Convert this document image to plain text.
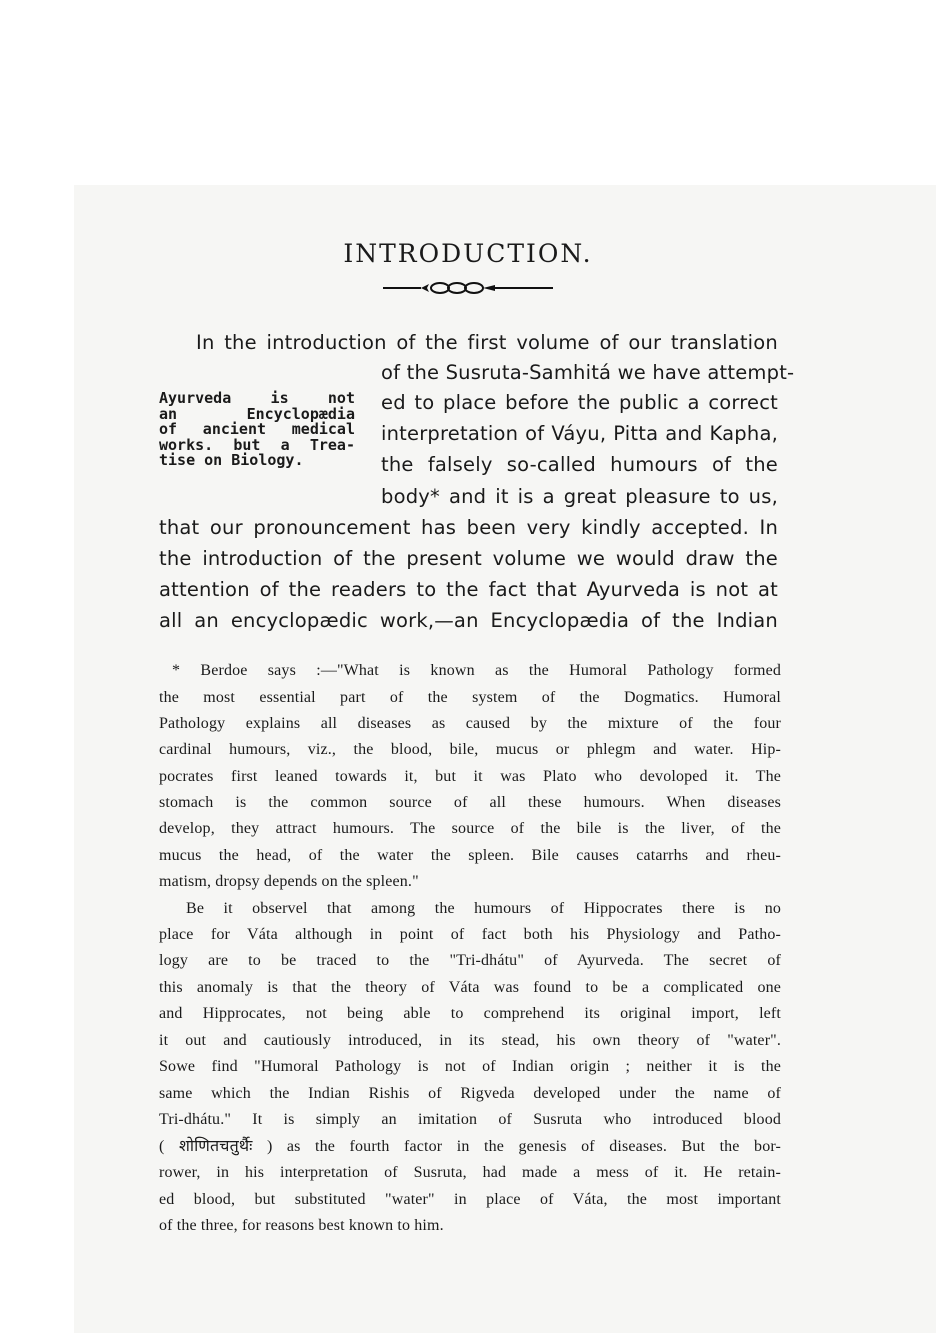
INTRODUCTION.
In the introduction of the first volume of our translation
of the Susruta-Samhitá we have attempt-
ed to place before the public a correct
interpretation of Váyu, Pitta and Kapha,
the falsely so-called humours of the
body* and it is a great pleasure to us,
that our pronouncement has been very kindly accepted. In
the introduction of the present volume we would draw the
attention of the readers to the fact that Ayurveda is not at
all an encyclopædic work,—an Encyclopædia of the Indian
Ayurveda is not
an Encyclopædia
of ancient medical
works. but a Trea-
tise on Biology.
* Berdoe says :—"What is known as the Humoral Pathology formed
the most essential part of the system of the Dogmatics. Humoral
Pathology explains all diseases as caused by the mixture of the four
cardinal humours, viz., the blood, bile, mucus or phlegm and water. Hip-
pocrates first leaned towards it, but it was Plato who devoloped it. The
stomach is the common source of all these humours. When diseases
develop, they attract humours. The source of the bile is the liver, of the
mucus the head, of the water the spleen. Bile causes catarrhs and rheu-
matism, dropsy depends on the spleen."
Be it observel that among the humours of Hippocrates there is no
place for Váta although in point of fact both his Physiology and Patho-
logy are to be traced to the "Tri-dhátu" of Ayurveda. The secret of
this anomaly is that the theory of Váta was found to be a complicated one
and Hipprocates, not being able to comprehend its original import, left
it out and cautiously introduced, in its stead, his own theory of "water".
Sowe find "Humoral Pathology is not of Indian origin ; neither it is the
same which the Indian Rishis of Rigveda developed under the name of
Tri-dhátu." It is simply an imitation of Susruta who introduced blood
( शोणितचतुर्थैः ) as the fourth factor in the genesis of diseases. But the bor-
rower, in his interpretation of Susruta, had made a mess of it. He retain-
ed blood, but substituted "water" in place of Váta, the most important
of the three, for reasons best known to him.
